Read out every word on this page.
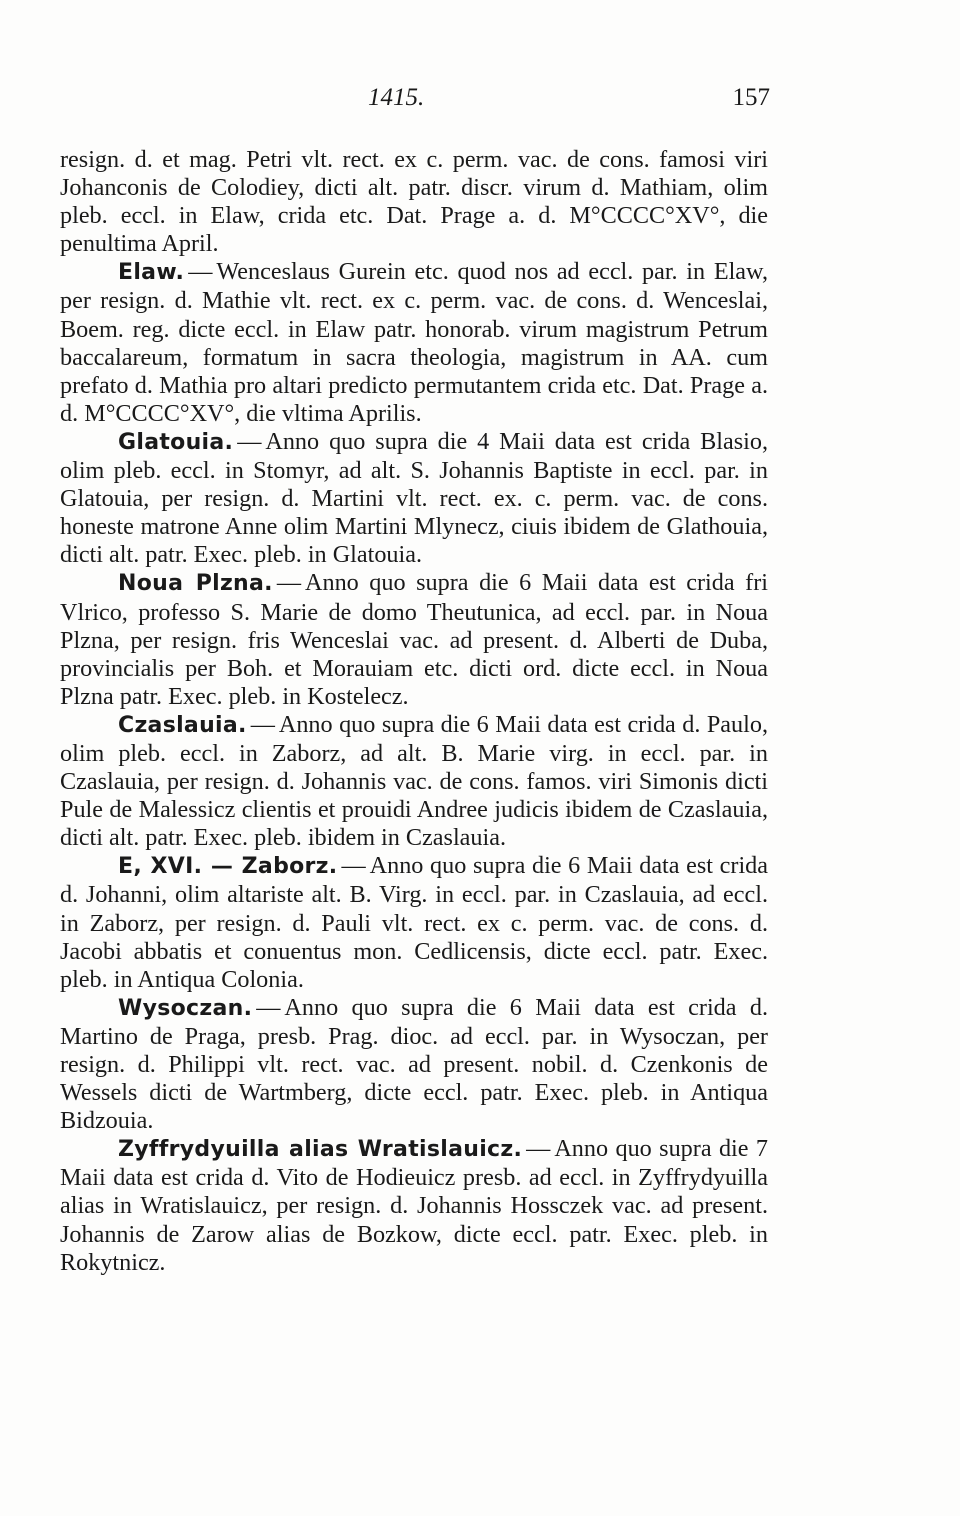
1415.	157

resign. d. et mag. Petri vlt. rect. ex c. perm. vac. de cons. famosi viri Johanconis de Colodiey, dicti alt. patr. discr. virum d. Mathiam, olim pleb. eccl. in Elaw, crida etc. Dat. Prage a. d. M°CCCC°XV°, die penultima April.

Elaw. — Wenceslaus Gurein etc. quod nos ad eccl. par. in Elaw, per resign. d. Mathie vlt. rect. ex c. perm. vac. de cons. d. Wenceslai, Boem. reg. dicte eccl. in Elaw patr. honorab. virum magistrum Petrum baccalareum, formatum in sacra theologia, magistrum in AA. cum prefato d. Mathia pro altari predicto permutantem crida etc. Dat. Prage a. d. M°CCCC°XV°, die vltima Aprilis.

Glatouia. — Anno quo supra die 4 Maii data est crida Blasio, olim pleb. eccl. in Stomyr, ad alt. S. Johannis Baptiste in eccl. par. in Glatouia, per resign. d. Martini vlt. rect. ex. c. perm. vac. de cons. honeste matrone Anne olim Martini Mlynecz, ciuis ibidem de Glathouia, dicti alt. patr. Exec. pleb. in Glatouia.

Noua Plzna. — Anno quo supra die 6 Maii data est crida fri Vlrico, professo S. Marie de domo Theutunica, ad eccl. par. in Noua Plzna, per resign. fris Wenceslai vac. ad present. d. Alberti de Duba, provincialis per Boh. et Morauiam etc. dicti ord. dicte eccl. in Noua Plzna patr. Exec. pleb. in Kostelecz.

Czaslauia. — Anno quo supra die 6 Maii data est crida d. Paulo, olim pleb. eccl. in Zaborz, ad alt. B. Marie virg. in eccl. par. in Czaslauia, per resign. d. Johannis vac. de cons. famos. viri Simonis dicti Pule de Malessicz clientis et prouidi Andree judicis ibidem de Czaslauia, dicti alt. patr. Exec. pleb. ibidem in Czaslauia.

E, XVI. — Zaborz. — Anno quo supra die 6 Maii data est crida d. Johanni, olim altariste alt. B. Virg. in eccl. par. in Czaslauia, ad eccl. in Zaborz, per resign. d. Pauli vlt. rect. ex c. perm. vac. de cons. d. Jacobi abbatis et conuentus mon. Cedlicensis, dicte eccl. patr. Exec. pleb. in Antiqua Colonia.

Wysoczan. — Anno quo supra die 6 Maii data est crida d. Martino de Praga, presb. Prag. dioc. ad eccl. par. in Wysoczan, per resign. d. Philippi vlt. rect. vac. ad present. nobil. d. Czenkonis de Wessels dicti de Wartmberg, dicte eccl. patr. Exec. pleb. in Antiqua Bidzouia.

Zyffrydyuilla alias Wratislauicz. — Anno quo supra die 7 Maii data est crida d. Vito de Hodieuicz presb. ad eccl. in Zyffrydyuilla alias in Wratislauicz, per resign. d. Johannis Hossczek vac. ad present. Johannis de Zarow alias de Bozkow, dicte eccl. patr. Exec. pleb. in Rokytnicz.
